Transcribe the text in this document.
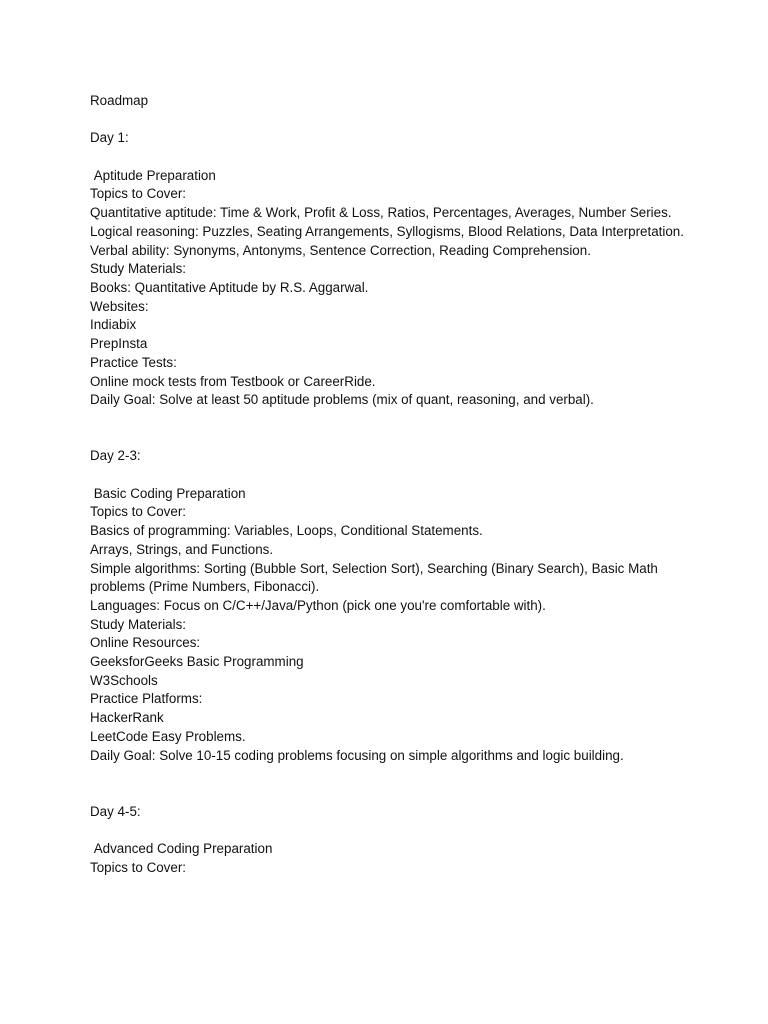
Roadmap
Day 1:
Aptitude Preparation
Topics to Cover:
Quantitative aptitude: Time & Work, Profit & Loss, Ratios, Percentages, Averages, Number Series.
Logical reasoning: Puzzles, Seating Arrangements, Syllogisms, Blood Relations, Data Interpretation.
Verbal ability: Synonyms, Antonyms, Sentence Correction, Reading Comprehension.
Study Materials:
Books: Quantitative Aptitude by R.S. Aggarwal.
Websites:
Indiabix
PrepInsta
Practice Tests:
Online mock tests from Testbook or CareerRide.
Daily Goal: Solve at least 50 aptitude problems (mix of quant, reasoning, and verbal).
Day 2-3:
Basic Coding Preparation
Topics to Cover:
Basics of programming: Variables, Loops, Conditional Statements.
Arrays, Strings, and Functions.
Simple algorithms: Sorting (Bubble Sort, Selection Sort), Searching (Binary Search), Basic Math problems (Prime Numbers, Fibonacci).
Languages: Focus on C/C++/Java/Python (pick one you're comfortable with).
Study Materials:
Online Resources:
GeeksforGeeks Basic Programming
W3Schools
Practice Platforms:
HackerRank
LeetCode Easy Problems.
Daily Goal: Solve 10-15 coding problems focusing on simple algorithms and logic building.
Day 4-5:
Advanced Coding Preparation
Topics to Cover:
